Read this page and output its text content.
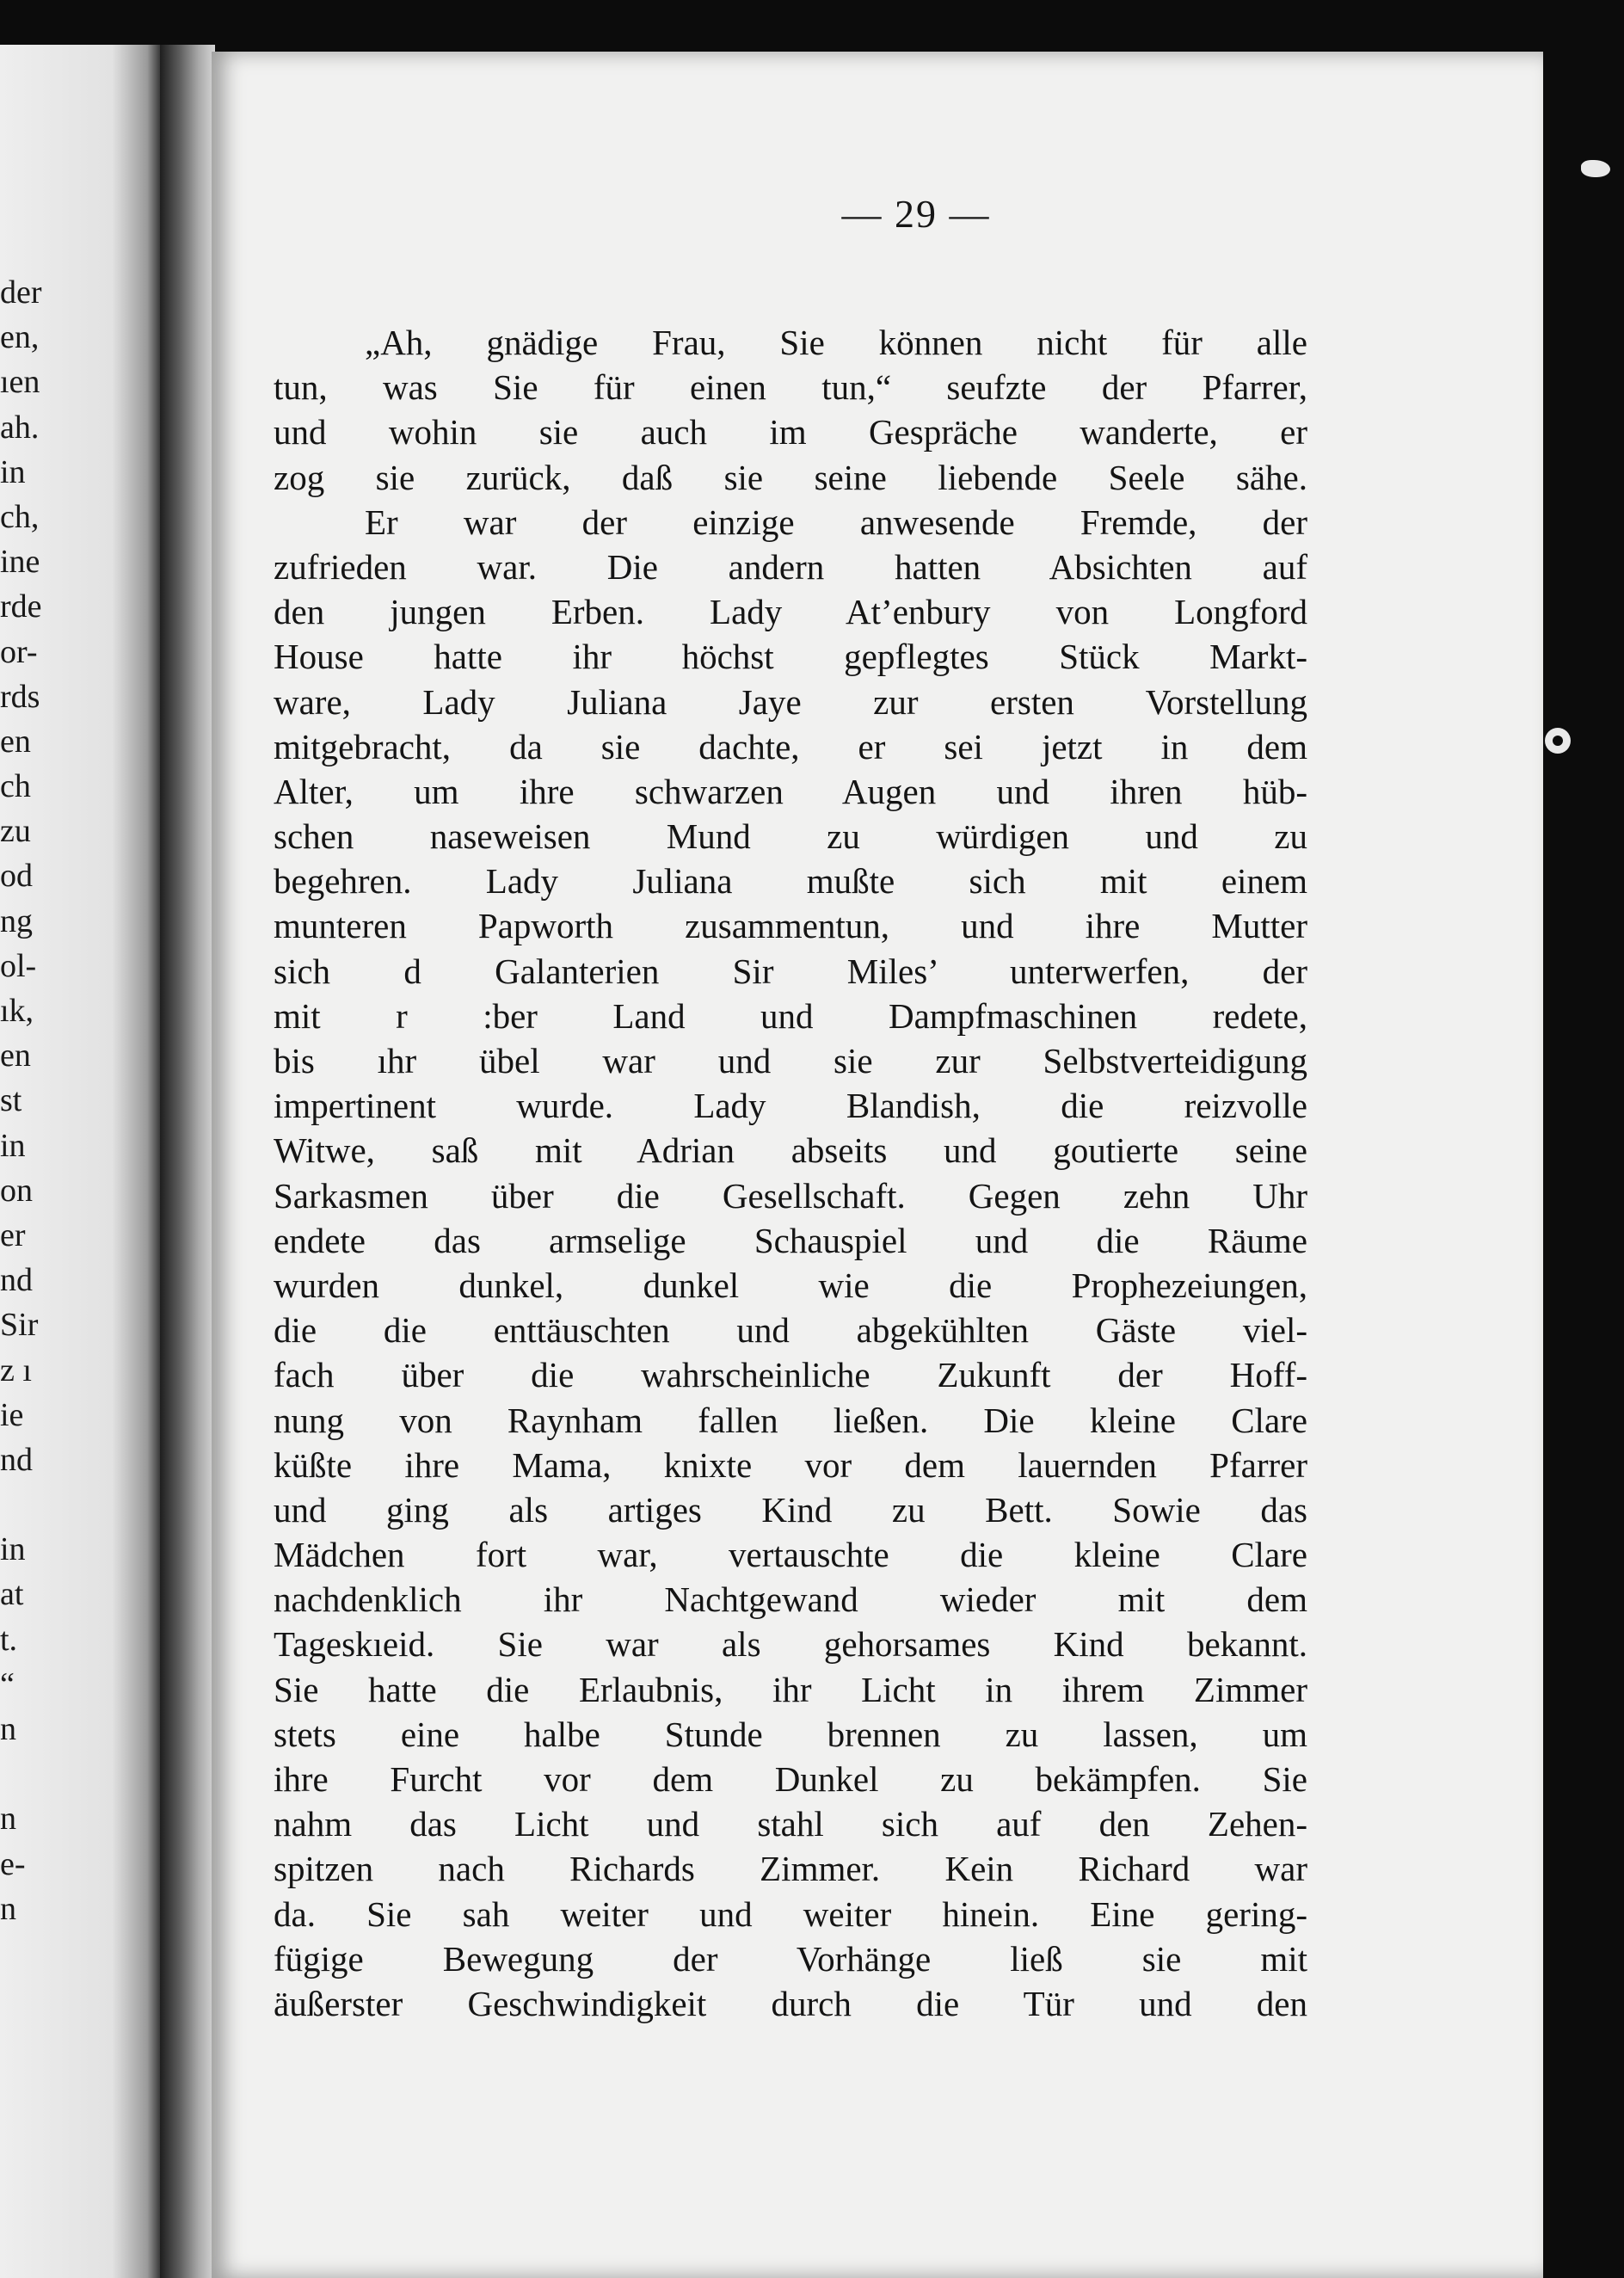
der
en,
ıen
ah.
in
ch,
ine
rde
or-
rds
en
ch
zu
od
ng
ol-
ık,
en
st
in
on
er
nd
Sir
z ı
ie
nd
in
at
t.
“
n
n
e-
n
— 29 —
„Ah, gnädige Frau, Sie können nicht für alle
tun, was Sie für einen tun,“ seufzte der Pfarrer,
und wohin sie auch im Gespräche wanderte, er
zog sie zurück, daß sie seine liebende Seele sähe.
Er war der einzige anwesende Fremde, der
zufrieden war. Die andern hatten Absichten auf
den jungen Erben. Lady At’enbury von Longford
House hatte ihr höchst gepflegtes Stück Markt-
ware, Lady Juliana Jaye zur ersten Vorstellung
mitgebracht, da sie dachte, er sei jetzt in dem
Alter, um ihre schwarzen Augen und ihren hüb-
schen naseweisen Mund zu würdigen und zu
begehren. Lady Juliana mußte sich mit einem
munteren Papworth zusammentun, und ihre Mutter
sich d Galanterien Sir Miles’ unterwerfen, der
mit r :ber Land und Dampfmaschinen redete,
bis ıhr übel war und sie zur Selbstverteidigung
impertinent wurde. Lady Blandish, die reizvolle
Witwe, saß mit Adrian abseits und goutierte seine
Sarkasmen über die Gesellschaft. Gegen zehn Uhr
endete das armselige Schauspiel und die Räume
wurden dunkel, dunkel wie die Prophezeiungen,
die die enttäuschten und abgekühlten Gäste viel-
fach über die wahrscheinliche Zukunft der Hoff-
nung von Raynham fallen ließen. Die kleine Clare
küßte ihre Mama, knixte vor dem lauernden Pfarrer
und ging als artiges Kind zu Bett. Sowie das
Mädchen fort war, vertauschte die kleine Clare
nachdenklich ihr Nachtgewand wieder mit dem
Tageskıeid. Sie war als gehorsames Kind bekannt.
Sie hatte die Erlaubnis, ihr Licht in ihrem Zimmer
stets eine halbe Stunde brennen zu lassen, um
ihre Furcht vor dem Dunkel zu bekämpfen. Sie
nahm das Licht und stahl sich auf den Zehen-
spitzen nach Richards Zimmer. Kein Richard war
da. Sie sah weiter und weiter hinein. Eine gering-
fügige Bewegung der Vorhänge ließ sie mit
äußerster Geschwindigkeit durch die Tür und den
